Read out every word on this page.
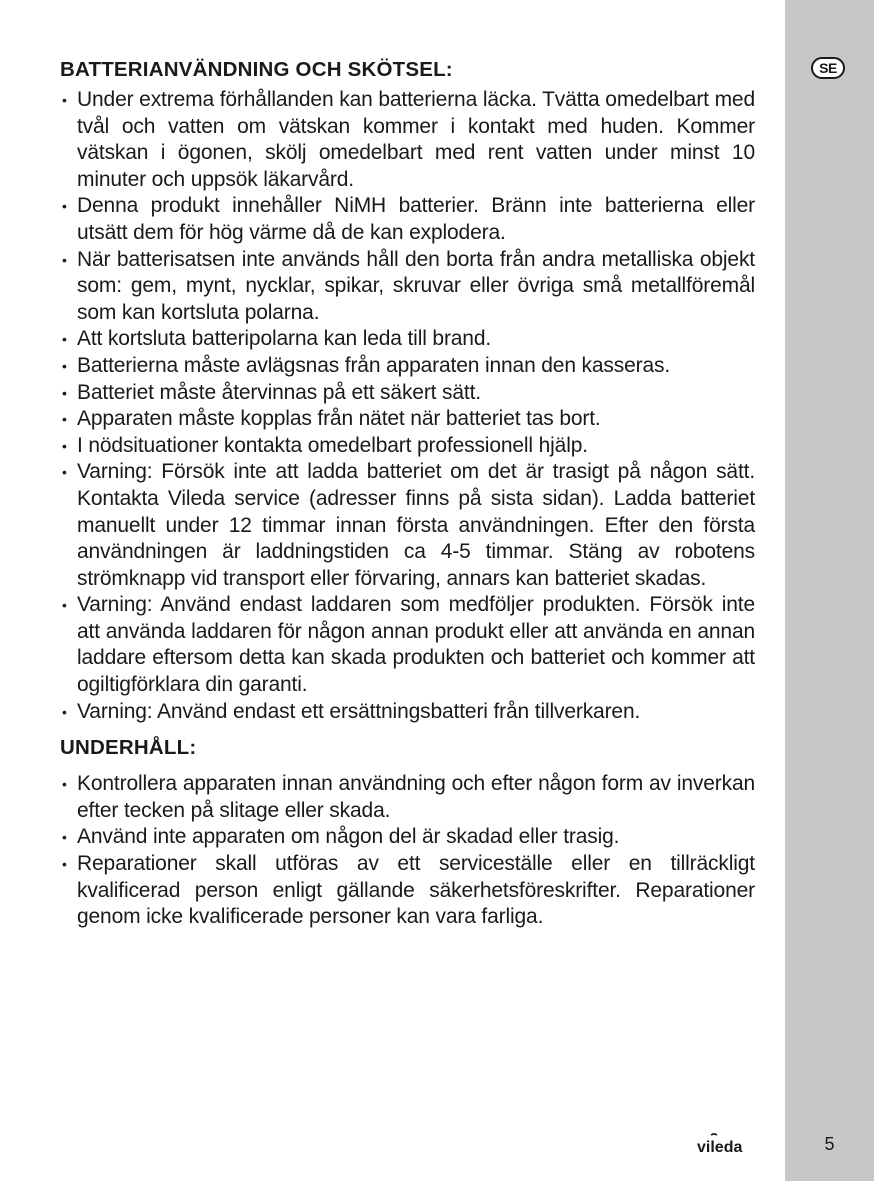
SE
5
BATTERIANVÄNDNING OCH SKÖTSEL:
• Under extrema förhållanden kan batterierna läcka. Tvätta omedelbart med tvål och vatten om vätskan kommer i kontakt med huden. Kommer vätskan i ögonen, skölj omedelbart med rent vatten under minst 10 minuter och uppsök läkarvård.
• Denna produkt innehåller NiMH batterier. Bränn inte batterierna eller utsätt dem för hög värme då de kan explodera.
• När batterisatsen inte används håll den borta från andra metalliska objekt som: gem, mynt, nycklar, spikar, skruvar eller övriga små metallföremål som kan kortsluta polarna.
• Att kortsluta batteripolarna kan leda till brand.
• Batterierna måste avlägsnas från apparaten innan den kasseras.
• Batteriet måste återvinnas på ett säkert sätt.
• Apparaten måste kopplas från nätet när batteriet tas bort.
• I nödsituationer kontakta omedelbart professionell hjälp.
• Varning: Försök inte att ladda batteriet om det är trasigt på någon sätt. Kontakta Vileda service (adresser finns på sista sidan). Ladda batteriet manuellt under 12 timmar innan första användningen. Efter den första användningen är laddningstiden ca 4-5 timmar. Stäng av robotens strömknapp vid transport eller förvaring, annars kan batteriet skadas.
• Varning: Använd endast laddaren som medföljer produkten. Försök inte att använda laddaren för någon annan produkt eller att använda en annan laddare eftersom detta kan skada produkten och batteriet och kommer att ogiltigförklara din garanti.
• Varning: Använd endast ett ersättningsbatteri från tillverkaren.
UNDERHÅLL:
• Kontrollera apparaten innan användning och efter någon form av inverkan efter tecken på slitage eller skada.
• Använd inte apparaten om någon del är skadad eller trasig.
• Reparationer skall utföras av ett serviceställe eller en tillräckligt kvalificerad person enligt gällande säkerhetsföreskrifter. Reparationer genom icke kvalificerade personer kan vara farliga.
vileda
